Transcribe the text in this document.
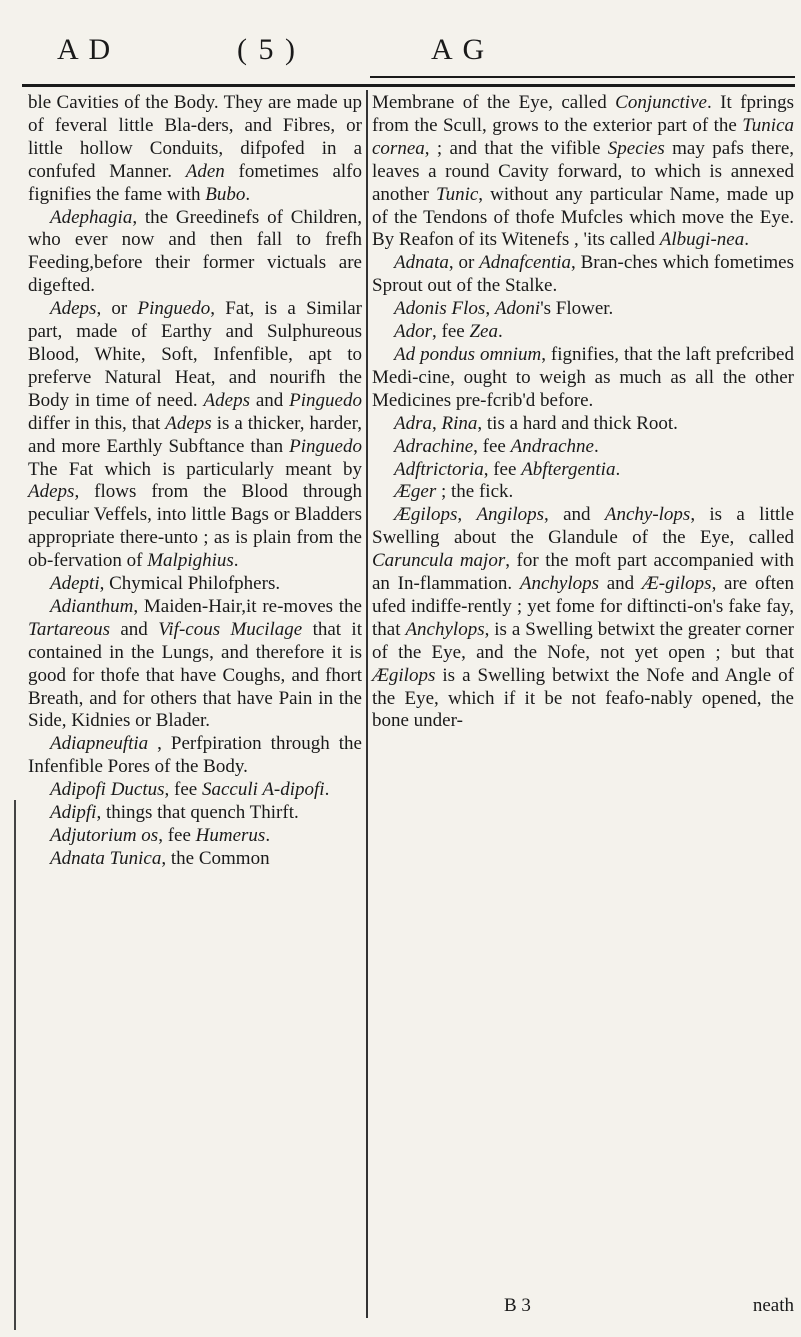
A D	( 5 )	A G

ble Cavities of the Body. They are made up of feveral little Bla-ders, and Fibres, or little hollow Conduits, difpofed in a confufed Manner. Aden fometimes alfo fignifies the fame with Bubo.

Adephagia, the Greedinefs of Children, who ever now and then fall to frefh Feeding,before their former victuals are digefted.

Adeps, or Pinguedo, Fat, is a Similar part, made of Earthy and Sulphureous Blood, White, Soft, Infenfible, apt to preferve Natural Heat, and nourifh the Body in time of need. Adeps and Pinguedo differ in this, that Adeps is a thicker, harder, and more Earthly Subftance than Pinguedo The Fat which is particularly meant by Adeps, flows from the Blood through peculiar Veffels, into little Bags or Bladders appropriate there-unto ; as is plain from the ob-fervation of Malpighius.

Adepti, Chymical Philofphers.

Adianthum, Maiden-Hair,it re-moves the Tartareous and Vif-cous Mucilage that it contained in the Lungs, and therefore it is good for thofe that have Coughs, and fhort Breath, and for others that have Pain in the Side, Kidnies or Blader.

Adiapneuftia , Perfpiration through the Infenfible Pores of the Body.

Adipofi Ductus, fee Sacculi A-dipofi.

Adipfi, things that quench Thirft.

Adjutorium os, fee Humerus.

Adnata Tunica, the Common

Membrane of the Eye, called Conjunctive. It fprings from the Scull, grows to the exterior part of the Tunica cornea, ; and that the vifible Species may pafs there, leaves a round Cavity forward, to which is annexed another Tunic, without any particular Name, made up of the Tendons of thofe Mufcles which move the Eye. By Reafon of its Witenefs , 'its called Albugi-nea.

Adnata, or Adnafcentia, Bran-ches which fometimes Sprout out of the Stalke.

Adonis Flos, Adoni's Flower.

Ador, fee Zea.

Ad pondus omnium, fignifies, that the laft prefcribed Medi-cine, ought to weigh as much as all the other Medicines pre-fcrib'd before.

Adra, Rina, tis a hard and thick Root.

Adrachine, fee Andrachne.

Adftrictoria, fee Abftergentia.

Æger ; the fick.

Ægilops, Angilops, and Anchy-lops, is a little Swelling about the Glandule of the Eye, called Caruncula major, for the moft part accompanied with an In-flammation. Anchylops and Æ-gilops, are often ufed indiffe-rently ; yet fome for diftincti-on's fake fay, that Anchylops, is a Swelling betwixt the greater corner of the Eye, and the Nofe, not yet open ; but that Ægilops is a Swelling betwixt the Nofe and Angle of the Eye, which if it be not feafo-nably opened, the bone under-

B 3	neath
